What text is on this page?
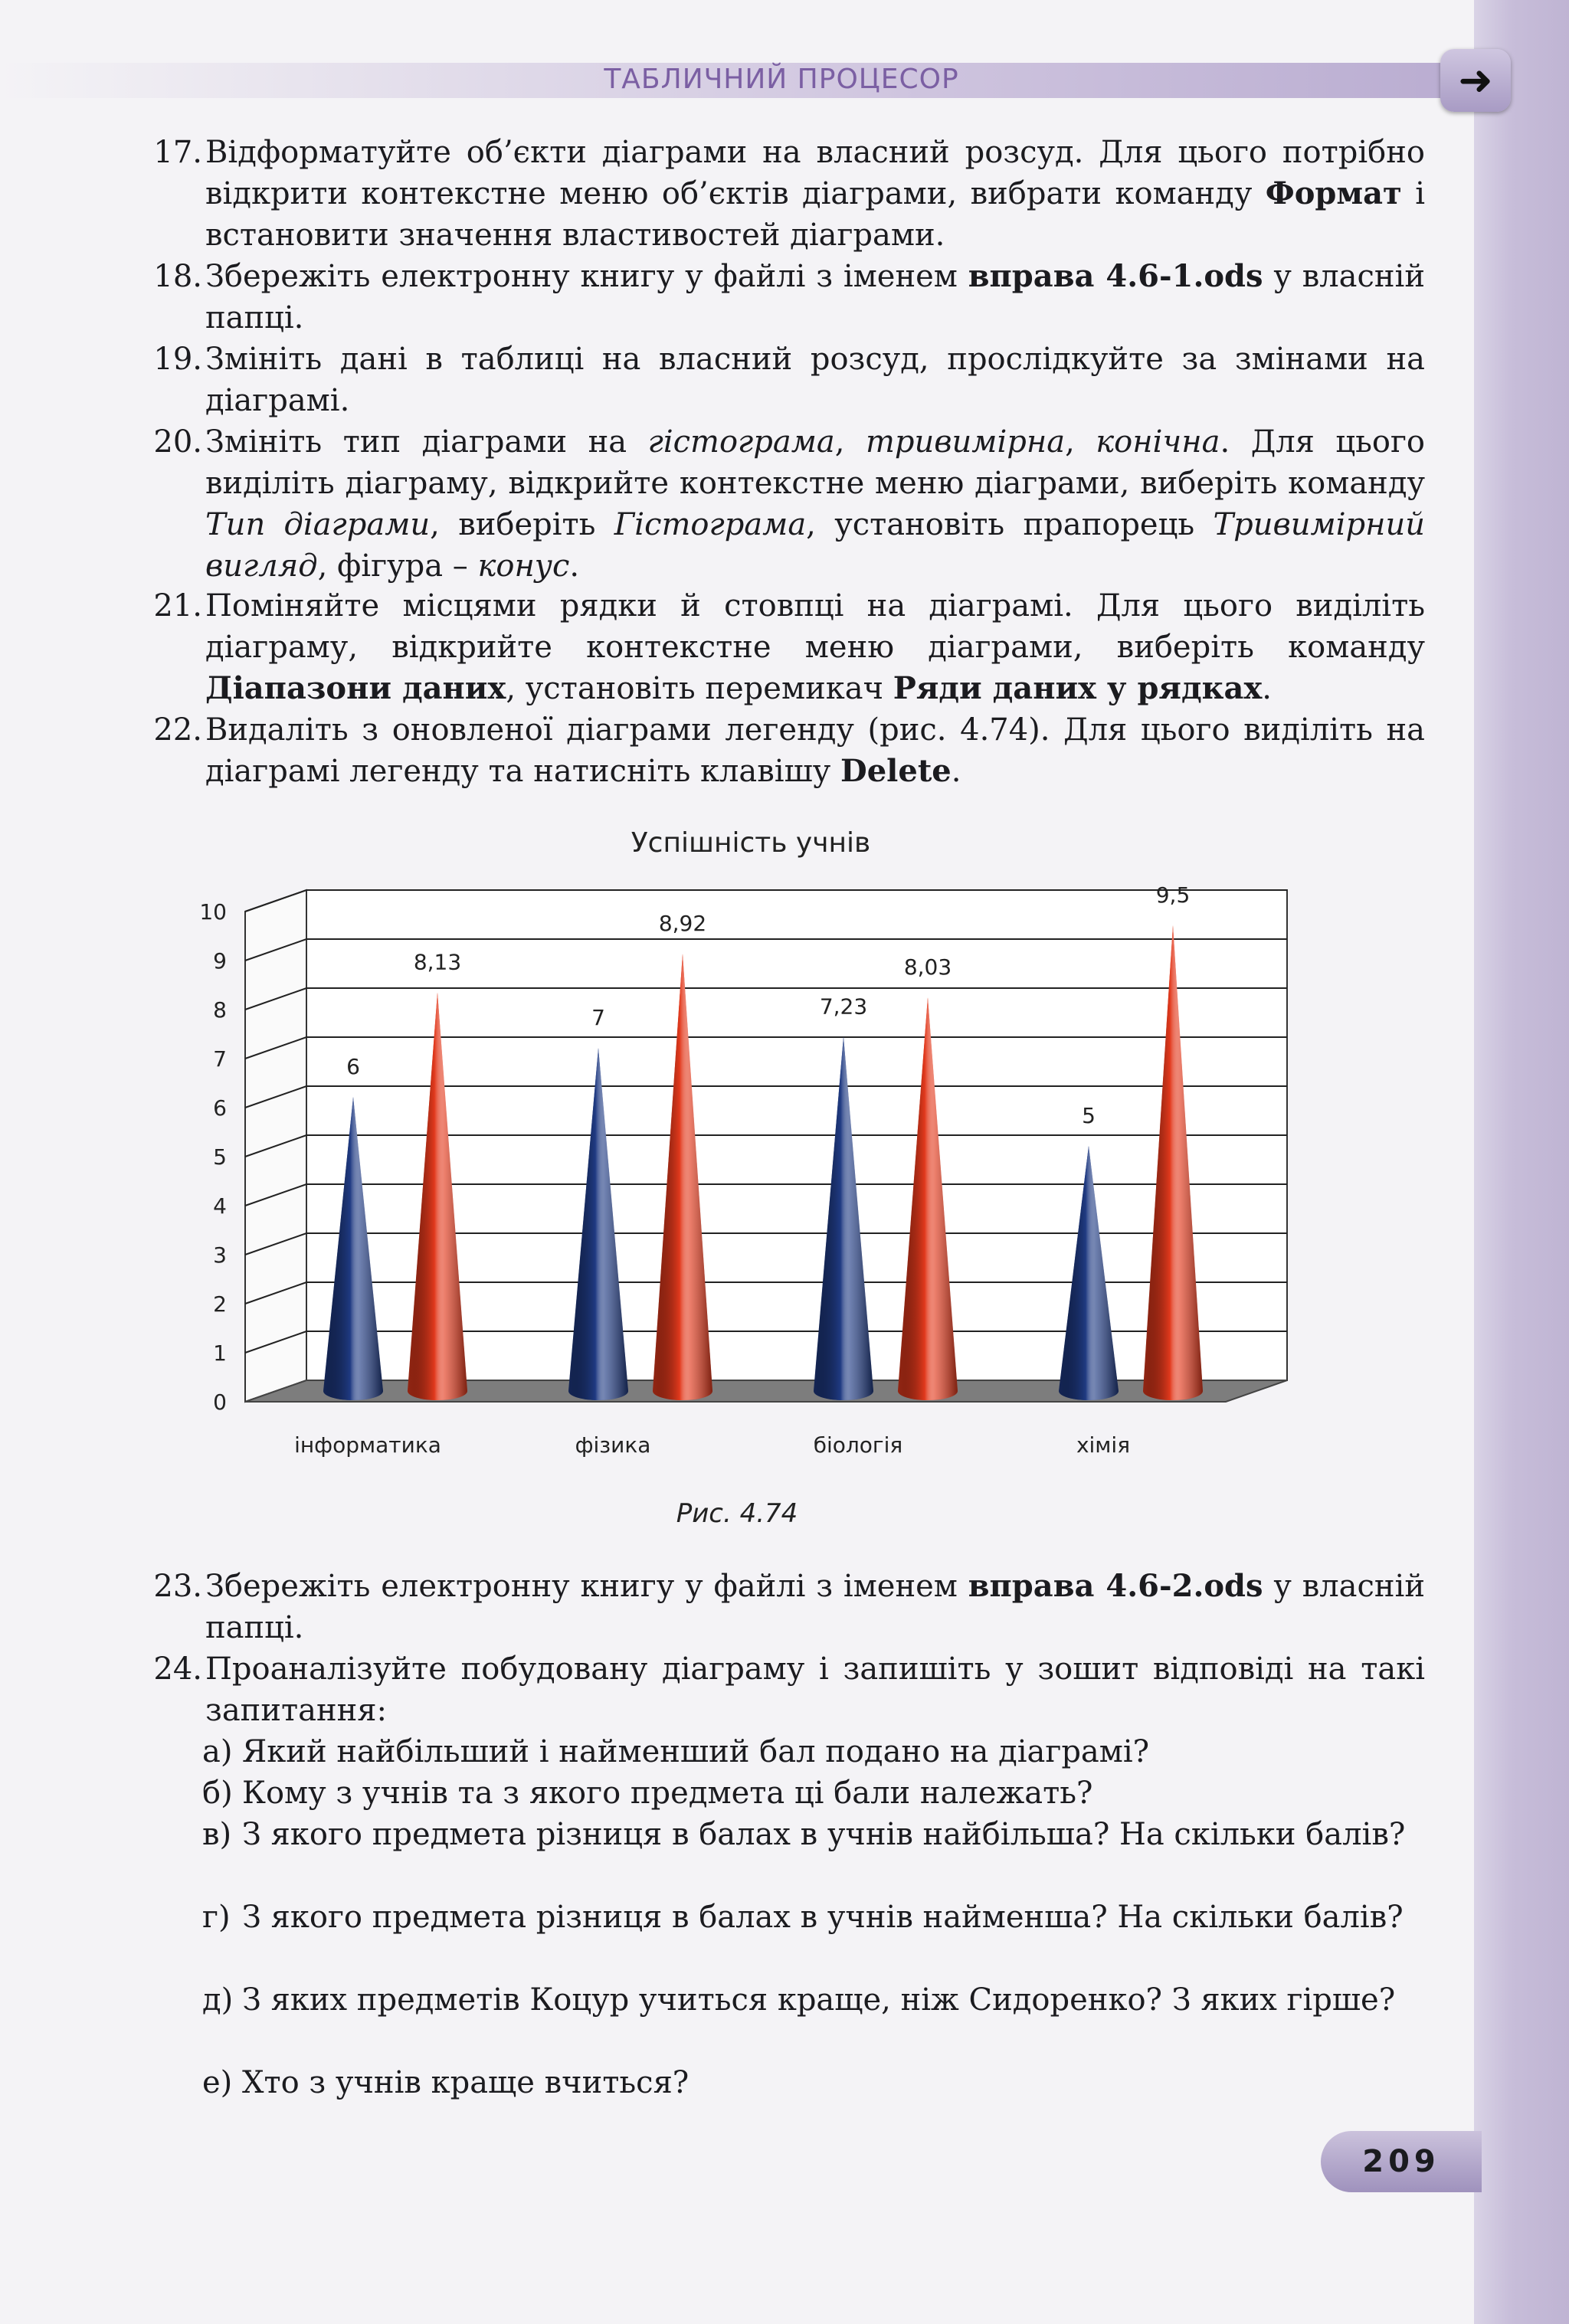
ТАБЛИЧНИЙ ПРОЦЕСОР	➜
17. Відформатуйте об’єкти діаграми на власний розсуд. Для цього потрібно відкрити контекстне меню об’єктів діаграми, вибрати команду Формат і встановити значення властивостей діаграми.
18. Збережіть електронну книгу у файлі з іменем вправа 4.6-1.ods у власній папці.
19. Змініть дані в таблиці на власний розсуд, прослідкуйте за змінами на діаграмі.
20. Змініть тип діаграми на гістограма, тривимірна, конічна. Для цього виділіть діаграму, відкрийте контекстне меню діаграми, виберіть команду Тип діаграми, виберіть Гістограма, установіть прапорець Тривимірний вигляд, фігура – конус.
21. Поміняйте місцями рядки й стовпці на діаграмі. Для цього виділіть діаграму, відкрийте контекстне меню діаграми, виберіть команду Діапазони даних, установіть перемикач Ряди даних у рядках.
22. Видаліть з оновленої діаграми легенду (рис. 4.74). Для цього виділіть на діаграмі легенду та натисніть клавішу Delete.
Успішність учнів
0
1
2
3
4
5
6
7
8
9
10
6
8,13
інформатика
7
8,92
фізика
7,23
8,03
біологія
5
9,5
хімія
Рис. 4.74
23. Збережіть електронну книгу у файлі з іменем вправа 4.6-2.ods у власній папці.
24. Проаналізуйте побудовану діаграму і запишіть у зошит відповіді на такі запитання:
а) Який найбільший і найменший бал подано на діаграмі?
б) Кому з учнів та з якого предмета ці бали належать?
в) З якого предмета різниця в балах в учнів найбільша? На скільки балів?
г) З якого предмета різниця в балах в учнів найменша? На скільки балів?
д) З яких предметів Коцур учиться краще, ніж Сидоренко? З яких гірше?
е) Хто з учнів краще вчиться?
209
